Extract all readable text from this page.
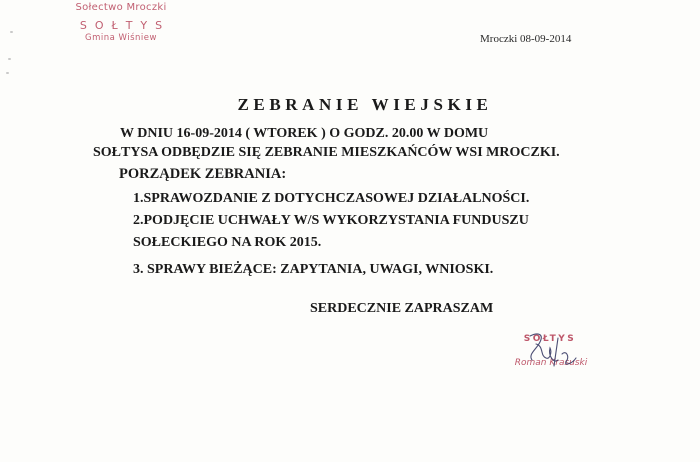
Sołectwo Mroczki
SOŁTYS
Gmina Wiśniew	Mroczki 08-09-2014
ZEBRANIE WIEJSKIE
W DNIU 16-09-2014 ( WTOREK ) O GODZ. 20.00 W DOMU
SOŁTYSA ODBĘDZIE SIĘ ZEBRANIE MIESZKAŃCÓW WSI MROCZKI.
PORZĄDEK ZEBRANIA:
1.SPRAWOZDANIE Z DOTYCHCZASOWEJ DZIAŁALNOŚCI.
2.PODJĘCIE UCHWAŁY W/S WYKORZYSTANIA FUNDUSZU
SOŁECKIEGO NA ROK 2015.
3. SPRAWY BIEŻĄCE: ZAPYTANIA, UWAGI, WNIOSKI.
SERDECZNIE ZAPRASZAM
SOŁTYS
Roman Krasuski
